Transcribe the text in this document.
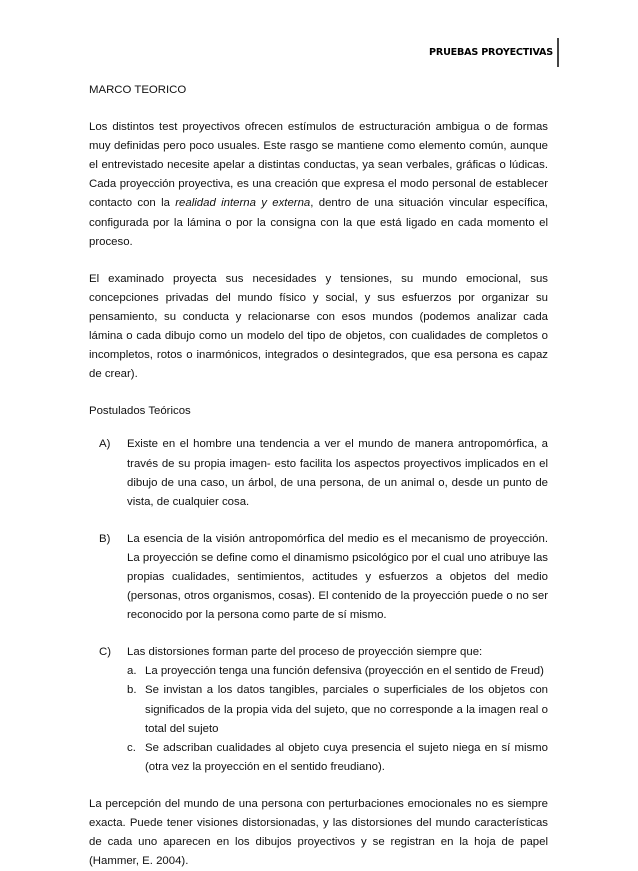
PRUEBAS PROYECTIVAS

MARCO TEORICO

Los distintos test proyectivos ofrecen estímulos de estructuración ambigua o de formas muy definidas pero poco usuales. Este rasgo se mantiene como elemento común, aunque el entrevistado necesite apelar a distintas conductas, ya sean verbales, gráficas o lúdicas. Cada proyección proyectiva, es una creación que expresa el modo personal de establecer contacto con la realidad interna y externa, dentro de una situación vincular específica, configurada por la lámina o por la consigna con la que está ligado en cada momento el proceso.

El examinado proyecta sus necesidades y tensiones, su mundo emocional, sus concepciones privadas del mundo físico y social, y sus esfuerzos por organizar su pensamiento, su conducta y relacionarse con esos mundos (podemos analizar cada lámina o cada dibujo como un modelo del tipo de objetos, con cualidades de completos o incompletos, rotos o inarmónicos, integrados o desintegrados, que esa persona es capaz de crear).

Postulados Teóricos

A) Existe en el hombre una tendencia a ver el mundo de manera antropomórfica, a través de su propia imagen- esto facilita los aspectos proyectivos implicados en el dibujo de una caso, un árbol, de una persona, de un animal o, desde un punto de vista, de cualquier cosa.
B) La esencia de la visión antropomórfica del medio es el mecanismo de proyección. La proyección se define como el dinamismo psicológico por el cual uno atribuye las propias cualidades, sentimientos, actitudes y esfuerzos a objetos del medio (personas, otros organismos, cosas). El contenido de la proyección puede o no ser reconocido por la persona como parte de sí mismo.
C) Las distorsiones forman parte del proceso de proyección siempre que:
a. La proyección tenga una función defensiva (proyección en el sentido de Freud)
b. Se invistan a los datos tangibles, parciales o superficiales de los objetos con significados de la propia vida del sujeto, que no corresponde a la imagen real o total del sujeto
c. Se adscriban cualidades al objeto cuya presencia el sujeto niega en sí mismo (otra vez la proyección en el sentido freudiano).

La percepción del mundo de una persona con perturbaciones emocionales no es siempre exacta. Puede tener visiones distorsionadas, y las distorsiones del mundo características de cada uno aparecen en los dibujos proyectivos y se registran en la hoja de papel (Hammer, E. 2004).
